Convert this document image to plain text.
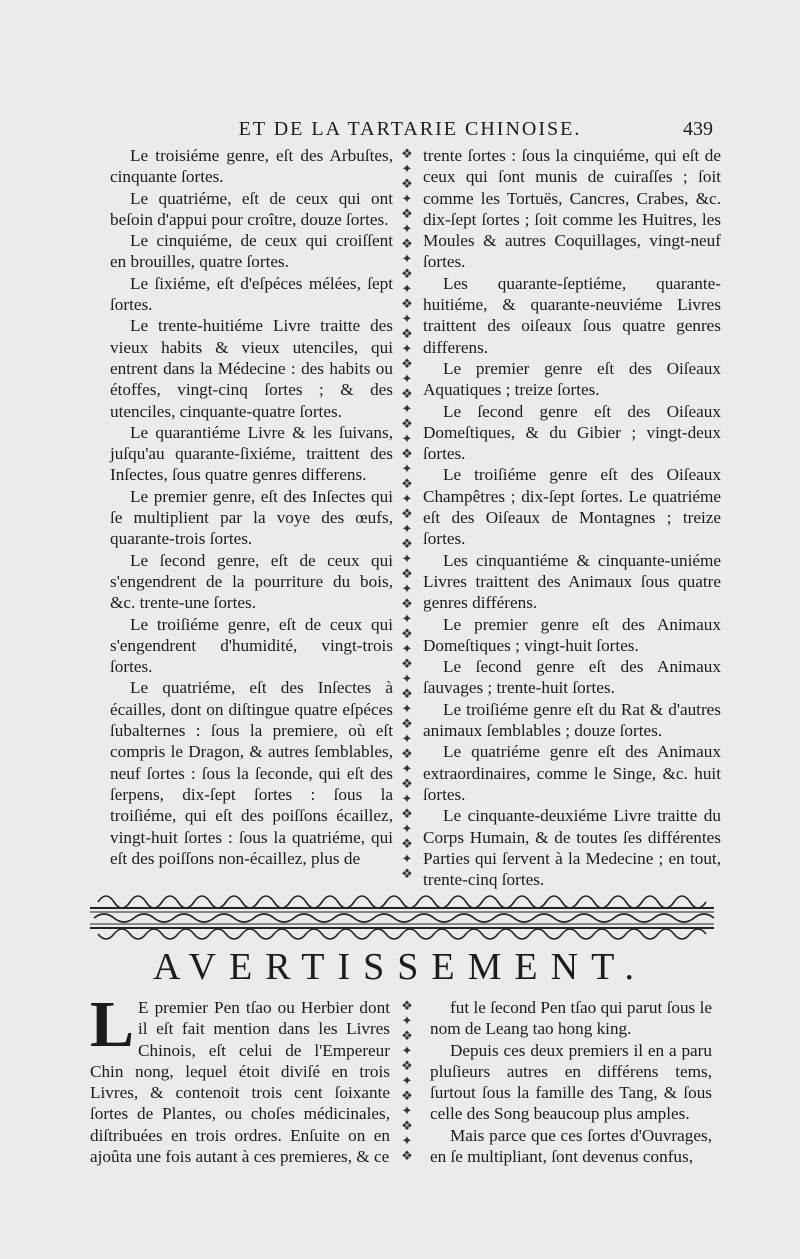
ET DE LA TARTARIE CHINOISE.	439

Le troisiéme genre, eſt des Arbuſtes, cinquante ſortes.

Le quatriéme, eſt de ceux qui ont beſoin d'appui pour croître, douze ſortes.

Le cinquiéme, de ceux qui croiſſent en brouilles, quatre ſortes.

Le ſixiéme, eſt d'eſpéces mélées, ſept ſortes.

Le trente-huitiéme Livre traitte des vieux habits & vieux utenciles, qui entrent dans la Médecine : des habits ou étoffes, vingt-cinq ſortes ; & des utenciles, cinquante-quatre ſortes.

Le quarantiéme Livre & les ſuivans, juſqu'au quarante-ſixiéme, traittent des Inſectes, ſous quatre genres differens.

Le premier genre, eſt des Inſectes qui ſe multiplient par la voye des œufs, quarante-trois ſortes.

Le ſecond genre, eſt de ceux qui s'engendrent de la pourriture du bois, &c. trente-une ſortes.

Le troiſiéme genre, eſt de ceux qui s'engendrent d'humidité, vingt-trois ſortes.

Le quatriéme, eſt des Inſectes à écailles, dont on diſtingue quatre eſpéces ſubalternes : ſous la premiere, où eſt compris le Dragon, & autres ſemblables, neuf ſortes : ſous la ſeconde, qui eſt des ſerpens, dix-ſept ſortes : ſous la troiſiéme, qui eſt des poiſſons écaillez, vingt-huit ſortes : ſous la quatriéme, qui eſt des poiſſons non-écaillez, plus de

❖
✦
❖
✦
❖
✦
❖
✦
❖
✦
❖
✦
❖
✦
❖
✦
❖
✦
❖
✦
❖
✦
❖
✦
❖
✦
❖
✦
❖
✦
❖
✦
❖
✦
❖
✦
❖
✦
❖
✦
❖
✦
❖
✦
❖
✦
❖
✦
❖

trente ſortes : ſous la cinquiéme, qui eſt de ceux qui ſont munis de cuiraſſes ; ſoit comme les Tortuës, Cancres, Crabes, &c. dix-ſept ſortes ; ſoit comme les Huitres, les Moules & autres Coquillages, vingt-neuf ſortes.

Les quarante-ſeptiéme, quarante-huitiéme, & quarante-neuviéme Livres traittent des oiſeaux ſous quatre genres differens.

Le premier genre eſt des Oiſeaux Aquatiques ; treize ſortes.

Le ſecond genre eſt des Oiſeaux Domeſtiques, & du Gibier ; vingt-deux ſortes.

Le troiſiéme genre eſt des Oiſeaux Champêtres ; dix-ſept ſortes. Le quatriéme eſt des Oiſeaux de Montagnes ; treize ſortes.

Les cinquantiéme & cinquante-uniéme Livres traittent des Animaux ſous quatre genres différens.

Le premier genre eſt des Animaux Domeſtiques ; vingt-huit ſortes.

Le ſecond genre eſt des Animaux ſauvages ; trente-huit ſortes.

Le troiſiéme genre eſt du Rat & d'autres animaux ſemblables ; douze ſortes.

Le quatriéme genre eſt des Animaux extraordinaires, comme le Singe, &c. huit ſortes.

Le cinquante-deuxiéme Livre traitte du Corps Humain, & de toutes ſes différentes Parties qui ſervent à la Medecine ; en tout, trente-cinq ſortes.

AVERTISSEMENT.
L E premier Pen tſao ou Herbier dont il eſt fait mention dans les Livres Chinois, eſt celui de l'Empereur Chin nong, lequel étoit diviſé en trois Livres, & contenoit trois cent ſoixante ſortes de Plantes, ou choſes médicinales, diſtribuées en trois ordres. Enſuite on en ajoûta une fois autant à ces premieres, & ce

❖
✦
❖
✦
❖
✦
❖
✦
❖
✦
❖

fut le ſecond Pen tſao qui parut ſous le nom de Leang tao hong king.

Depuis ces deux premiers il en a paru pluſieurs autres en différens tems, ſurtout ſous la famille des Tang, & ſous celle des Song beaucoup plus amples.

Mais parce que ces ſortes d'Ouvrages, en ſe multipliant, ſont devenus confus,
